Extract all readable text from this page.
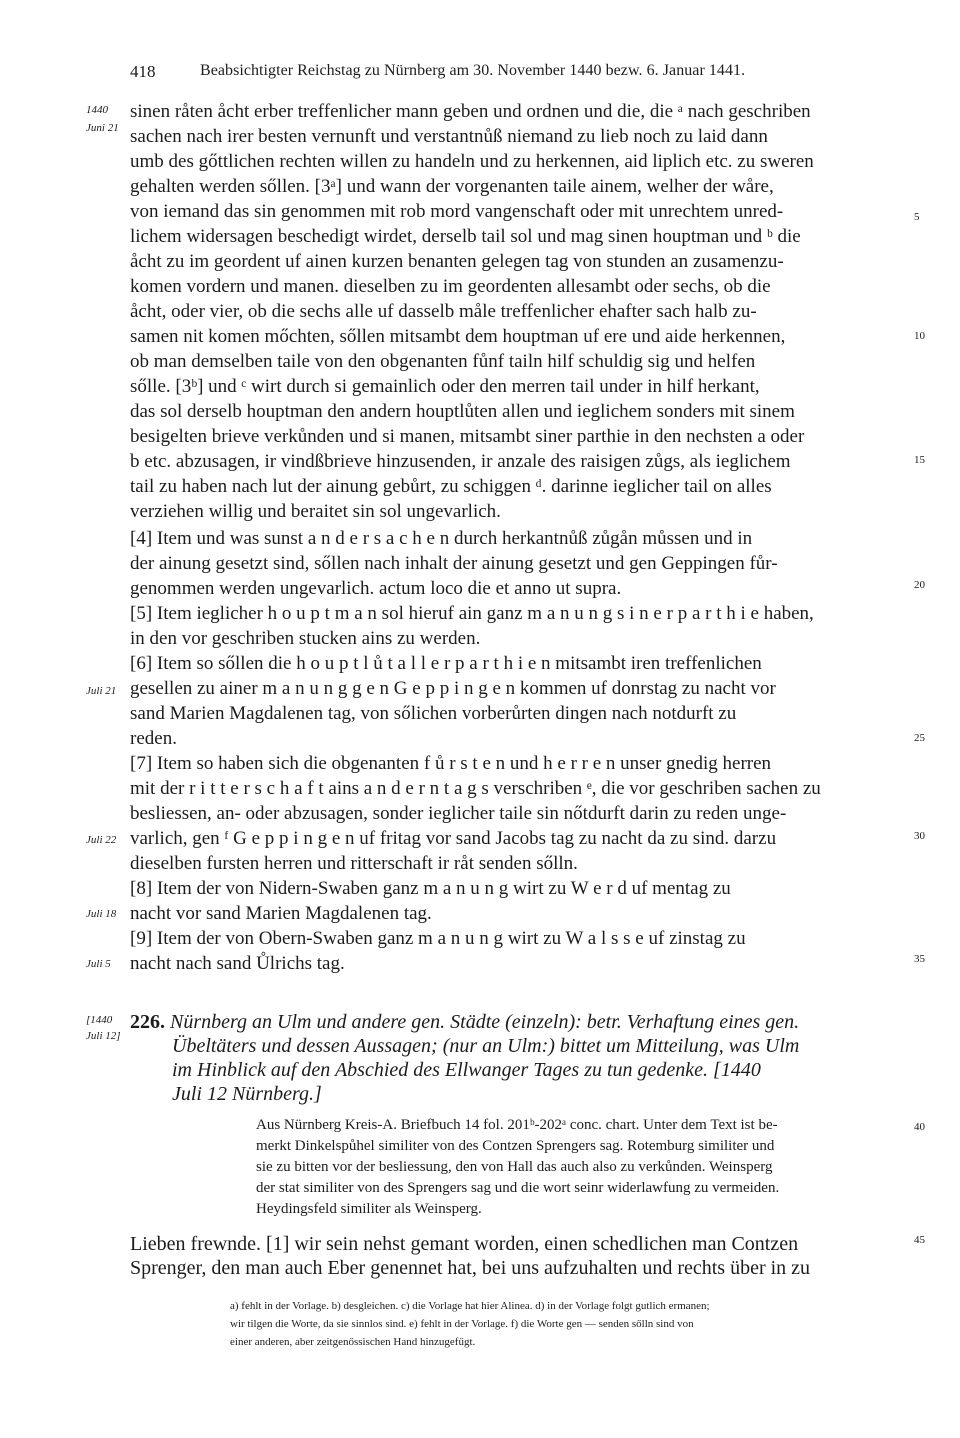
418	Beabsichtigter Reichstag zu Nürnberg am 30. November 1440 bezw. 6. Januar 1441.
1440
Juni 21
Juli 21
Juli 22
Juli 18
Juli 5
[1440
Juli 12]
sinen råten åcht erber treffenlicher mann geben und ordnen und die, die ᵃ nach geschriben
sachen nach irer besten vernunft und verstantnůß niemand zu lieb noch zu laid dann
umb des gőttlichen rechten willen zu handeln und zu herkennen, aid liplich etc. zu sweren
gehalten werden sőllen. [3ᵃ] und wann der vorgenanten taile ainem, welher der wåre,
von iemand das sin genommen mit rob mord vangenschaft oder mit unrechtem unred-
lichem widersagen beschedigt wirdet, derselb tail sol und mag sinen houptman und ᵇ die
åcht zu im geordent uf ainen kurzen benanten gelegen tag von stunden an zusamenzu-
komen vordern und manen. dieselben zu im geordenten allesambt oder sechs, ob die
åcht, oder vier, ob die sechs alle uf dasselb måle treffenlicher ehafter sach halb zu-
samen nit komen mőchten, sőllen mitsambt dem houptman uf ere und aide herkennen,
ob man demselben taile von den obgenanten fůnf tailn hilf schuldig sig und helfen
sőlle. [3ᵇ] und ᶜ wirt durch si gemainlich oder den merren tail under in hilf herkant,
das sol derselb houptman den andern houptlůten allen und ieglichem sonders mit sinem
besigelten brieve verkůnden und si manen, mitsambt siner parthie in den nechsten a oder
b etc. abzusagen, ir vindßbrieve hinzusenden, ir anzale des raisigen zůgs, als ieglichem
tail zu haben nach lut der ainung gebůrt, zu schiggen ᵈ. darinne ieglicher tail on alles
verziehen willig und beraitet sin sol ungevarlich.
[4] Item und was sunst a n d e r s a c h e n durch herkantnůß zůgån můssen und in
der ainung gesetzt sind, sőllen nach inhalt der ainung gesetzt und gen Geppingen fůr-
genommen werden ungevarlich. actum loco die et anno ut supra.
[5] Item ieglicher h o u p t m a n sol hieruf ain ganz m a n u n g s i n e r p a r t h i e haben,
in den vor geschriben stucken ains zu werden.
[6] Item so sőllen die h o u p t l ů t a l l e r p a r t h i e n mitsambt iren treffenlichen
gesellen zu ainer m a n u n g g e n G e p p i n g e n kommen uf donrstag zu nacht vor
sand Marien Magdalenen tag, von sőlichen vorberůrten dingen nach notdurft zu
reden.
[7] Item so haben sich die obgenanten f ů r s t e n und h e r r e n unser gnedig herren
mit der r i t t e r s c h a f t ains a n d e r n t a g s verschriben ᵉ, die vor geschriben sachen zu
besliessen, an- oder abzusagen, sonder ieglicher taile sin nőtdurft darin zu reden unge-
varlich, gen ᶠ G e p p i n g e n uf fritag vor sand Jacobs tag zu nacht da zu sind. darzu
dieselben fursten herren und ritterschaft ir råt senden sőlln.
[8] Item der von Nidern-Swaben ganz m a n u n g wirt zu W e r d uf mentag zu
nacht vor sand Marien Magdalenen tag.
[9] Item der von Obern-Swaben ganz m a n u n g wirt zu W a l s s e uf zinstag zu
nacht nach sand Ůlrichs tag.
5
10
15
20
25
30
35
40
45
226. Nürnberg an Ulm und andere gen. Städte (einzeln): betr. Verhaftung eines gen.
Übeltäters und dessen Aussagen; (nur an Ulm:) bittet um Mitteilung, was Ulm
im Hinblick auf den Abschied des Ellwanger Tages zu tun gedenke. [1440
Juli 12 Nürnberg.]
Aus Nürnberg Kreis-A. Briefbuch 14 fol. 201ᵇ-202ᵃ conc. chart. Unter dem Text ist be-
merkt Dinkelspůhel similiter von des Contzen Sprengers sag. Rotemburg similiter und
sie zu bitten vor der besliessung, den von Hall das auch also zu verkůnden. Weinsperg
der stat similiter von des Sprengers sag und die wort seinr widerlawfung zu vermeiden.
Heydingsfeld similiter als Weinsperg.
Lieben frewnde. [1] wir sein nehst gemant worden, einen schedlichen man Contzen
Sprenger, den man auch Eber genennet hat, bei uns aufzuhalten und rechts über in zu
a) fehlt in der Vorlage. b) desgleichen. c) die Vorlage hat hier Alinea. d) in der Vorlage folgt gutlich ermanen;
wir tilgen die Worte, da sie sinnlos sind. e) fehlt in der Vorlage. f) die Worte gen — senden sőlln sind von
einer anderen, aber zeitgenőssischen Hand hinzugefűgt.
